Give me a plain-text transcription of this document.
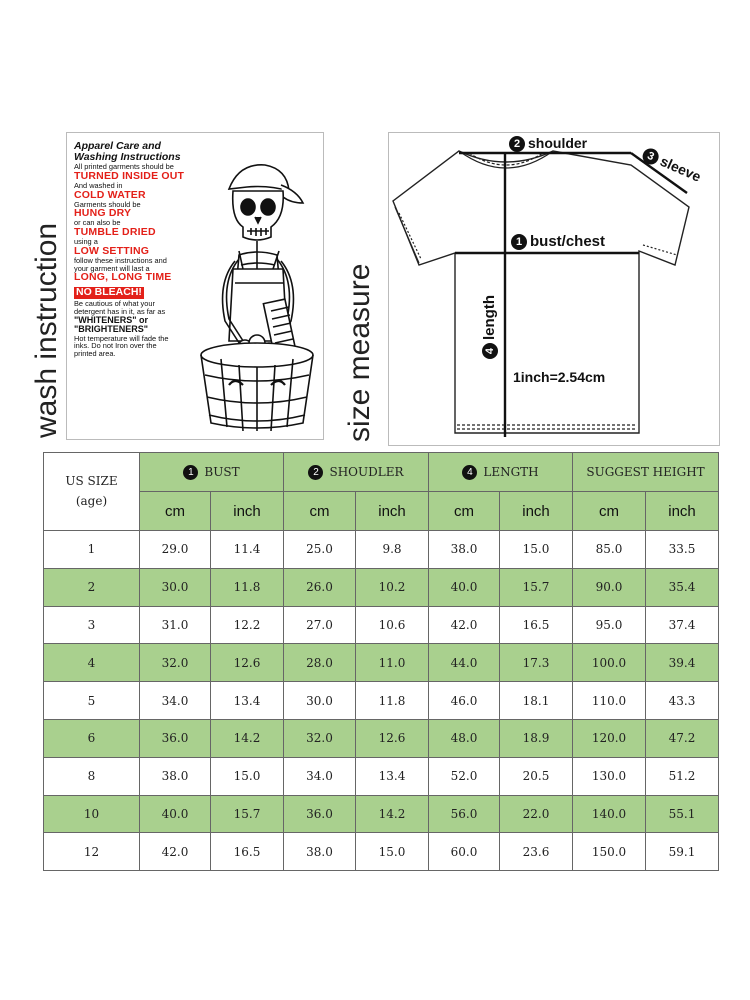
wash instruction	size measure
Apparel Care and
Washing Instructions
All printed garments should be
TURNED INSIDE OUT
And washed in
COLD WATER
Garments should be
HUNG DRY
or can also be
TUMBLE DRIED
using a
LOW SETTING
follow these instructions and
your garment will last a
LONG, LONG TIME
NO BLEACH!
Be cautious of what your
detergent has in it, as far as
"WHITENERS" or
"BRIGHTENERS"
Hot temperature will fade the
inks. Do not Iron over the
printed area.
2 shoulder
3 sleeve
1 bust/chest
4length
1inch=2.54cm
US SIZE
(age)	1 BUST		2 SHOUDLER		4 LENGTH		SUGGEST HEIGHT	
	cm	inch	cm	inch	cm	inch	cm	inch
1	29.0	11.4	25.0	9.8	38.0	15.0	85.0	33.5
2	30.0	11.8	26.0	10.2	40.0	15.7	90.0	35.4
3	31.0	12.2	27.0	10.6	42.0	16.5	95.0	37.4
4	32.0	12.6	28.0	11.0	44.0	17.3	100.0	39.4
5	34.0	13.4	30.0	11.8	46.0	18.1	110.0	43.3
6	36.0	14.2	32.0	12.6	48.0	18.9	120.0	47.2
8	38.0	15.0	34.0	13.4	52.0	20.5	130.0	51.2
10	40.0	15.7	36.0	14.2	56.0	22.0	140.0	55.1
12	42.0	16.5	38.0	15.0	60.0	23.6	150.0	59.1
